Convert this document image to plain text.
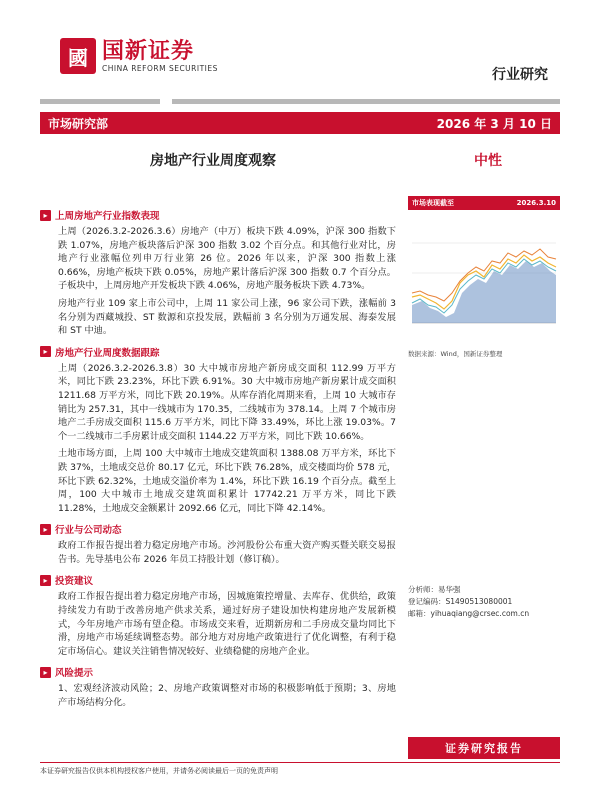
國 国新证券
CHINA REFORM SECURITIES	行业研究
市场研究部	2026 年 3 月 10 日
房地产行业周度观察	中性
▸ 上周房地产行业指数表现

上周（2026.3.2-2026.3.6）房地产（中万）板块下跌 4.09%，沪深 300 指数下跌 1.07%，房地产板块落后沪深 300 指数 3.02 个百分点。和其他行业对比，房地产行业涨幅位列申万行业第 26 位。2026 年以来，沪深 300 指数上涨 0.66%，房地产板块下跌 0.05%，房地产累计落后沪深 300 指数 0.7 个百分点。子板块中，上周房地产开发板块下跌 4.06%，房地产服务板块下跌 4.73%。

房地产行业 109 家上市公司中，上周 11 家公司上涨，96 家公司下跌，涨幅前 3 名分别为西藏城投、ST 数源和京投发展，跌幅前 3 名分别为万通发展、海泰发展和 ST 中迪。

▸ 房地产行业周度数据跟踪

上周（2026.3.2-2026.3.8）30 大中城市房地产新房成交面积 112.99 万平方米，同比下跌 23.23%，环比下跌 6.91%。30 大中城市房地产新房累计成交面积 1211.68 万平方米，同比下跌 20.19%。从库存消化周期来看，上周 10 大城市存销比为 257.31，其中一线城市为 170.35，二线城市为 378.14。上周 7 个城市房地产二手房成交面积 115.6 万平方米，同比下降 33.49%，环比上涨 19.03%。7 个一二线城市二手房累计成交面积 1144.22 万平方米，同比下跌 10.66%。

土地市场方面，上周 100 大中城市土地成交建筑面积 1388.08 万平方米，环比下跌 37%，土地成交总价 80.17 亿元，环比下跌 76.28%，成交楼面均价 578 元，环比下跌 62.32%，土地成交溢价率为 1.4%，环比下跌 16.19 个百分点。截至上周，100 大中城市土地成交建筑面积累计 17742.21 万平方米，同比下跌 11.28%，土地成交金额累计 2092.66 亿元，同比下降 42.14%。

▸ 行业与公司动态

政府工作报告提出着力稳定房地产市场。沙河股份公布重大资产购买暨关联交易报告书。先导基电公布 2026 年员工持股计划（修订稿）。

▸ 投资建议

政府工作报告提出着力稳定房地产市场，因城施策控增量、去库存、优供给，政策持续发力有助于改善房地产供求关系，通过好房子建设加快构建房地产发展新模式，今年房地产市场有望企稳。市场成交来看，近期新房和二手房成交量均同比下滑，房地产市场延续调整态势。部分地方对房地产政策进行了优化调整，有利于稳定市场信心。建议关注销售情况较好、业绩稳健的房地产企业。

▸ 风险提示

1、宏观经济波动风险；2、房地产政策调整对市场的积极影响低于预期；3、房地产市场结构分化。

市场表现截至	2026.3.10
数据来源：Wind，国新证券整理
分析师：易华强
登记编码：S1490513080001
邮箱：yihuaqiang@crsec.com.cn
证券研究报告
本证券研究报告仅供本机构授权客户使用，并请务必阅读最后一页的免责声明
